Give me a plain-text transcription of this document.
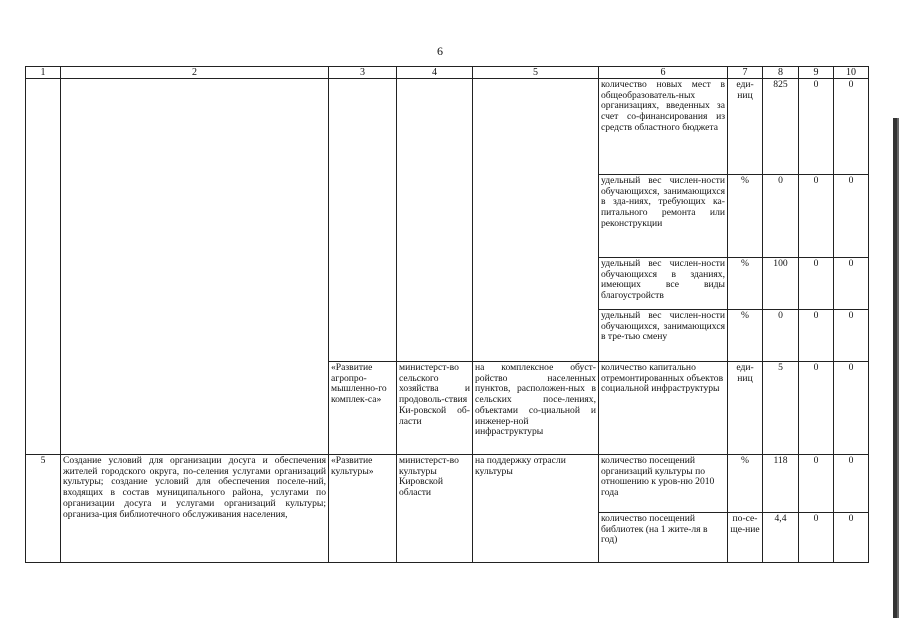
6
1	2	3	4	5	6	7	8	9	10
					количество новых мест в общеобразователь-ных организациях, введенных за счет со-финансирования из средств областного бюджета	еди-ниц	825	0	0
					удельный вес числен-ности обучающихся, занимающихся в зда-ниях, требующих ка-питального ремонта или реконструкции	%	0	0	0
					удельный вес числен-ности обучающихся в зданиях, имеющих все виды благоустройств	%	100	0	0
					удельный вес числен-ности обучающихся, занимающихся в тре-тью смену	%	0	0	0
		«Развитие агропро-мышленно-го комплек-са»	министерст-во сельского хозяйства и продоволь-ствия Ки-ровской об-ласти	на комплексное обуст-ройство населенных пунктов, расположен-ных в сельских посе-лениях, объектами со-циальной и инженер-ной инфраструктуры	количество капитально отремонтированных объектов социальной инфраструктуры	еди-ниц	5	0	0
5	Создание условий для организации досуга и обеспечения жителей городского округа, по-селения услугами организаций культуры; создание условий для обеспечения поселе-ний, входящих в состав муниципального района, услугами по организации досуга и услугами организаций культуры; организа-ция библиотечного обслуживания населения,	«Развитие культуры»	министерст-во культуры Кировской области	на поддержку отрасли культуры	количество посещений организаций культуры по отношению к уров-ню 2010 года	%	118	0	0
					количество посещений библиотек (на 1 жите-ля в год)	по-се-ще-ние	4,4	0	0
